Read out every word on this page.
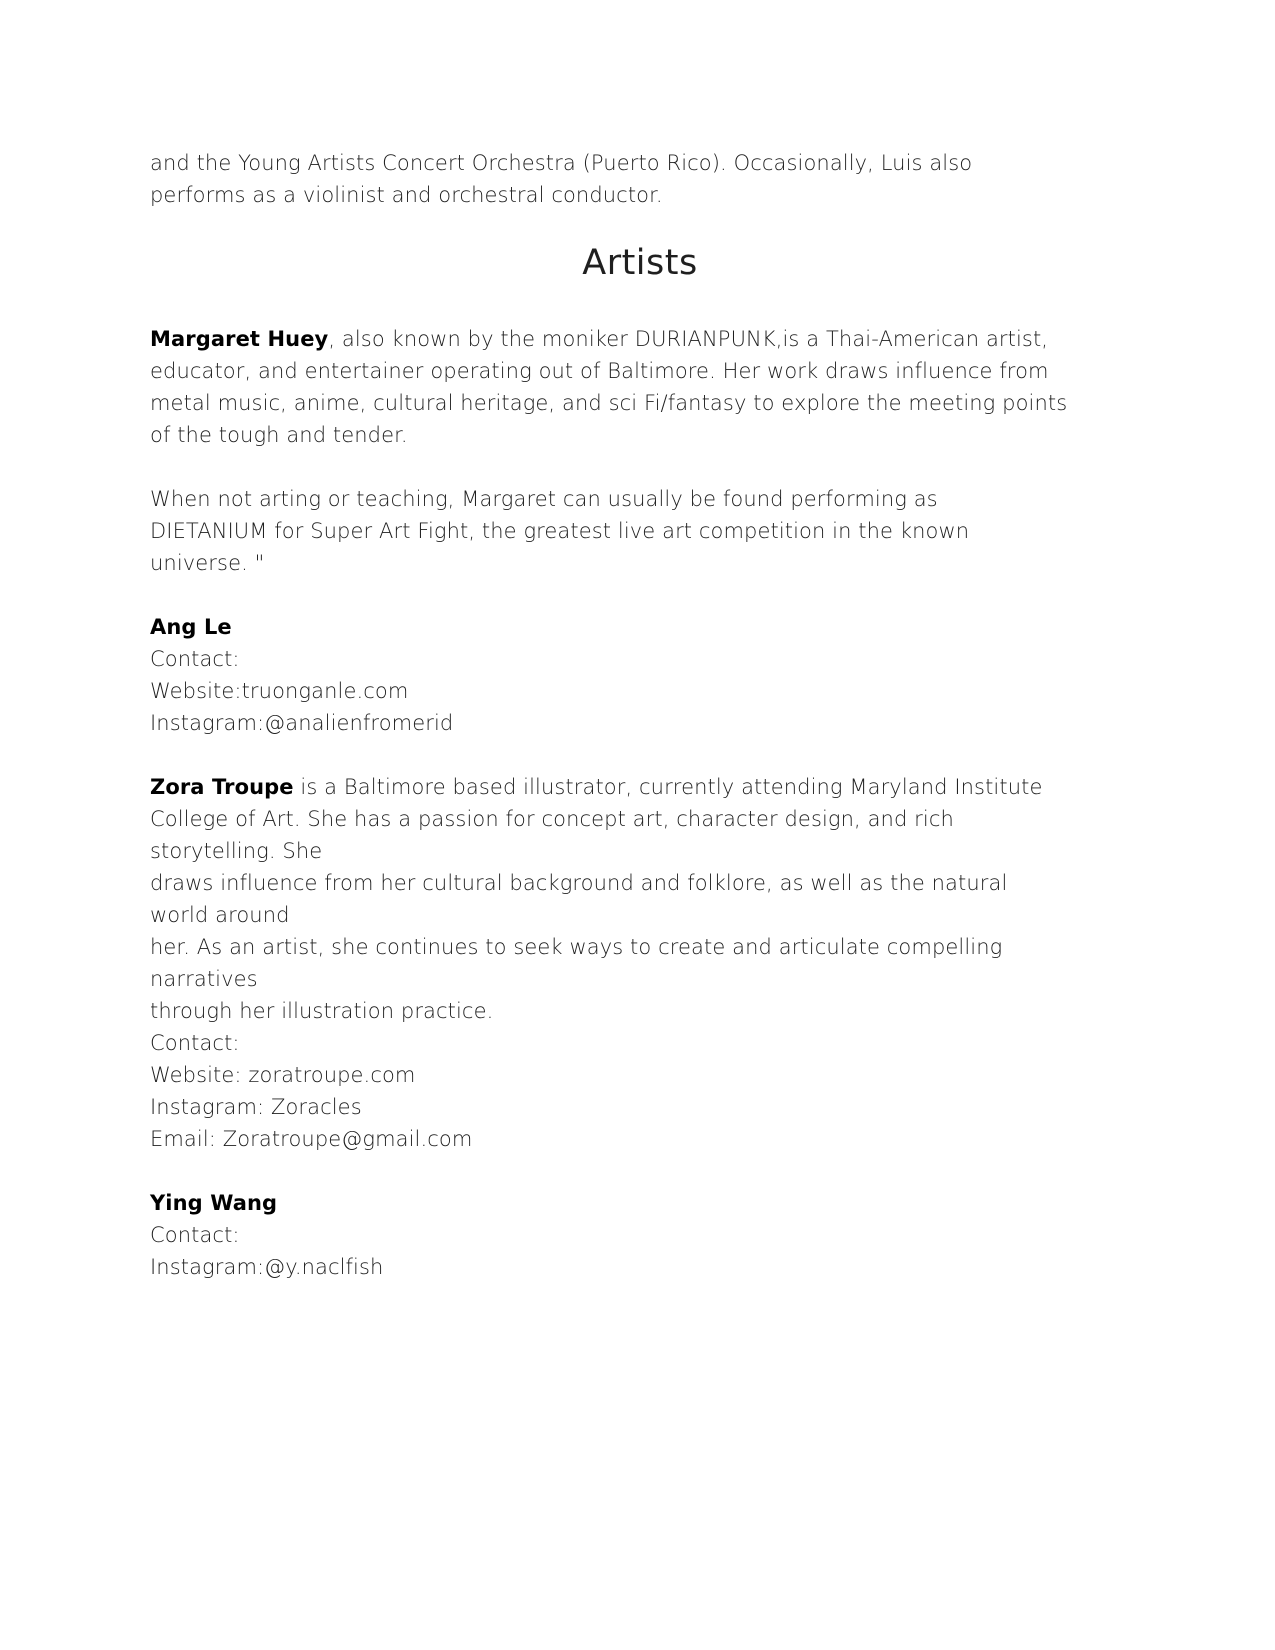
and the Young Artists Concert Orchestra (Puerto Rico). Occasionally, Luis also
performs as a violinist and orchestral conductor.
Artists
Margaret Huey, also known by the moniker DURIANPUNK,is a Thai-American artist,
educator, and entertainer operating out of Baltimore. Her work draws influence from
metal music, anime, cultural heritage, and sci Fi/fantasy to explore the meeting points
of the tough and tender.
When not arting or teaching, Margaret can usually be found performing as
DIETANIUM for Super Art Fight, the greatest live art competition in the known
universe. "
Ang Le
Contact:
Website:truonganle.com
Instagram:@analienfromerid
Zora Troupe is a Baltimore based illustrator, currently attending Maryland Institute
College of Art. She has a passion for concept art, character design, and rich
storytelling. She
draws influence from her cultural background and folklore, as well as the natural
world around
her. As an artist, she continues to seek ways to create and articulate compelling
narratives
through her illustration practice.
Contact:
Website: zoratroupe.com
Instagram: Zoracles
Email: Zoratroupe@gmail.com
Ying Wang
Contact:
Instagram:@y.naclfish
